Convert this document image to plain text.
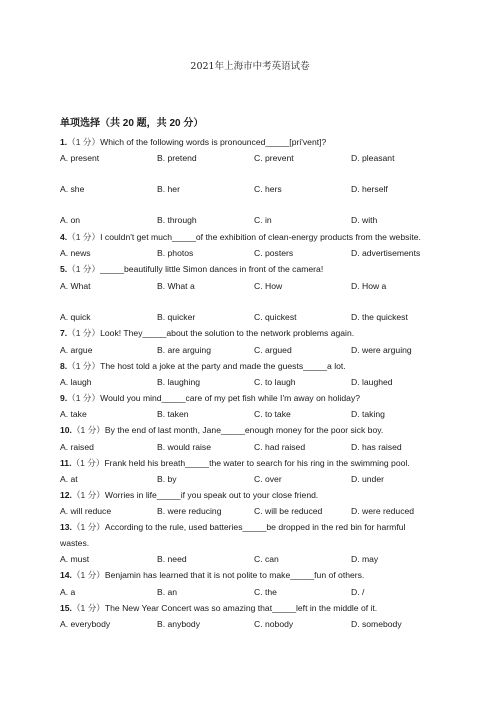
2021年上海市中考英语试卷
单项选择（共 20 题，共 20 分）
1.（1 分）Which of the following words is pronounced_____[pri'vent]?
A. present	B. pretend	C. prevent	D. pleasant
A. she	B. her	C. hers	D. herself
A. on	B. through	C. in	D. with
4.（1 分）I couldn't get much_____of the exhibition of clean-energy products from the website.
A. news	B. photos	C. posters	D. advertisements
5.（1 分）_____beautifully little Simon dances in front of the camera!
A. What	B. What a	C. How	D. How a
A. quick	B. quicker	C. quickest	D. the quickest
7.（1 分）Look! They_____about the solution to the network problems again.
A. argue	B. are arguing	C. argued	D. were arguing
8.（1 分）The host told a joke at the party and made the guests_____a lot.
A. laugh	B. laughing	C. to laugh	D. laughed
9.（1 分）Would you mind_____care of my pet fish while I'm away on holiday?
A. take	B. taken	C. to take	D. taking
10.（1 分）By the end of last month, Jane_____enough money for the poor sick boy.
A. raised	B. would raise	C. had raised	D. has raised
11.（1 分）Frank held his breath_____the water to search for his ring in the swimming pool.
A. at	B. by	C. over	D. under
12.（1 分）Worries in life_____if you speak out to your close friend.
A. will reduce	B. were reducing	C. will be reduced	D. were reduced
13.（1 分）According to the rule, used batteries_____be dropped in the red bin for harmful
wastes.
A. must	B. need	C. can	D. may
14.（1 分）Benjamin has learned that it is not polite to make_____fun of others.
A. a	B. an	C. the	D. /
15.（1 分）The New Year Concert was so amazing that_____left in the middle of it.
A. everybody	B. anybody	C. nobody	D. somebody
